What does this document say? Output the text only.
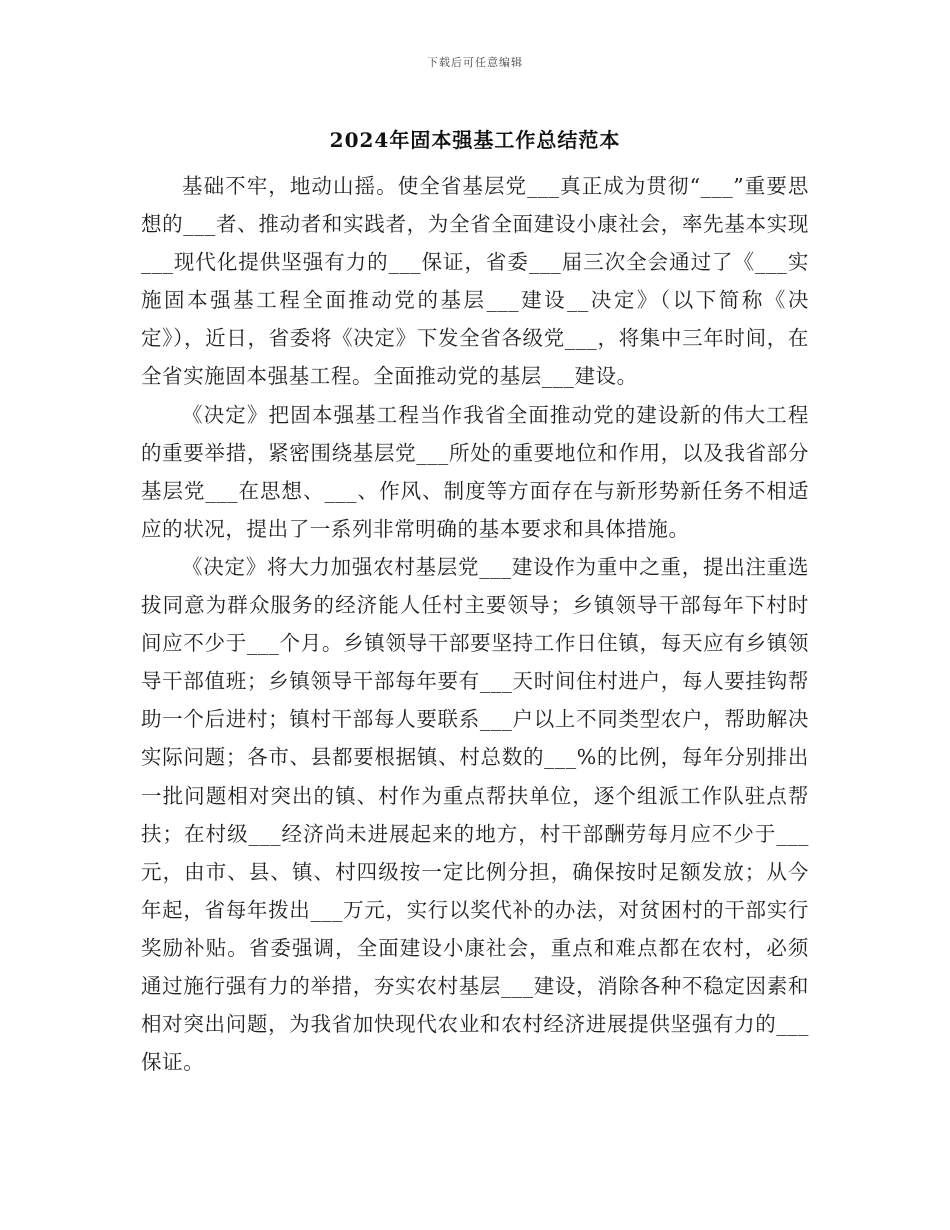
下载后可任意编辑
2024年固本强基工作总结范本

基础不牢，地动山摇。使全省基层党___真正成为贯彻“___”重要思想的___者、推动者和实践者，为全省全面建设小康社会，率先基本实现___现代化提供坚强有力的___保证，省委___届三次全会通过了《___实施固本强基工程全面推动党的基层___建设__决定》（以下简称《决定》），近日，省委将《决定》下发全省各级党___，将集中三年时间，在全省实施固本强基工程。全面推动党的基层___建设。

《决定》把固本强基工程当作我省全面推动党的建设新的伟大工程的重要举措，紧密围绕基层党___所处的重要地位和作用，以及我省部分基层党___在思想、___、作风、制度等方面存在与新形势新任务不相适应的状况，提出了一系列非常明确的基本要求和具体措施。

《决定》将大力加强农村基层党___建设作为重中之重，提出注重选拔同意为群众服务的经济能人任村主要领导；乡镇领导干部每年下村时间应不少于___个月。乡镇领导干部要坚持工作日住镇，每天应有乡镇领导干部值班；乡镇领导干部每年要有___天时间住村进户，每人要挂钩帮助一个后进村；镇村干部每人要联系___户以上不同类型农户，帮助解决实际问题；各市、县都要根据镇、村总数的___%的比例，每年分别排出一批问题相对突出的镇、村作为重点帮扶单位，逐个组派工作队驻点帮扶；在村级___经济尚未进展起来的地方，村干部酬劳每月应不少于___元，由市、县、镇、村四级按一定比例分担，确保按时足额发放；从今年起，省每年拨出___万元，实行以奖代补的办法，对贫困村的干部实行奖励补贴。省委强调，全面建设小康社会，重点和难点都在农村，必须通过施行强有力的举措，夯实农村基层___建设，消除各种不稳定因素和相对突出问题，为我省加快现代农业和农村经济进展提供坚强有力的___保证。
